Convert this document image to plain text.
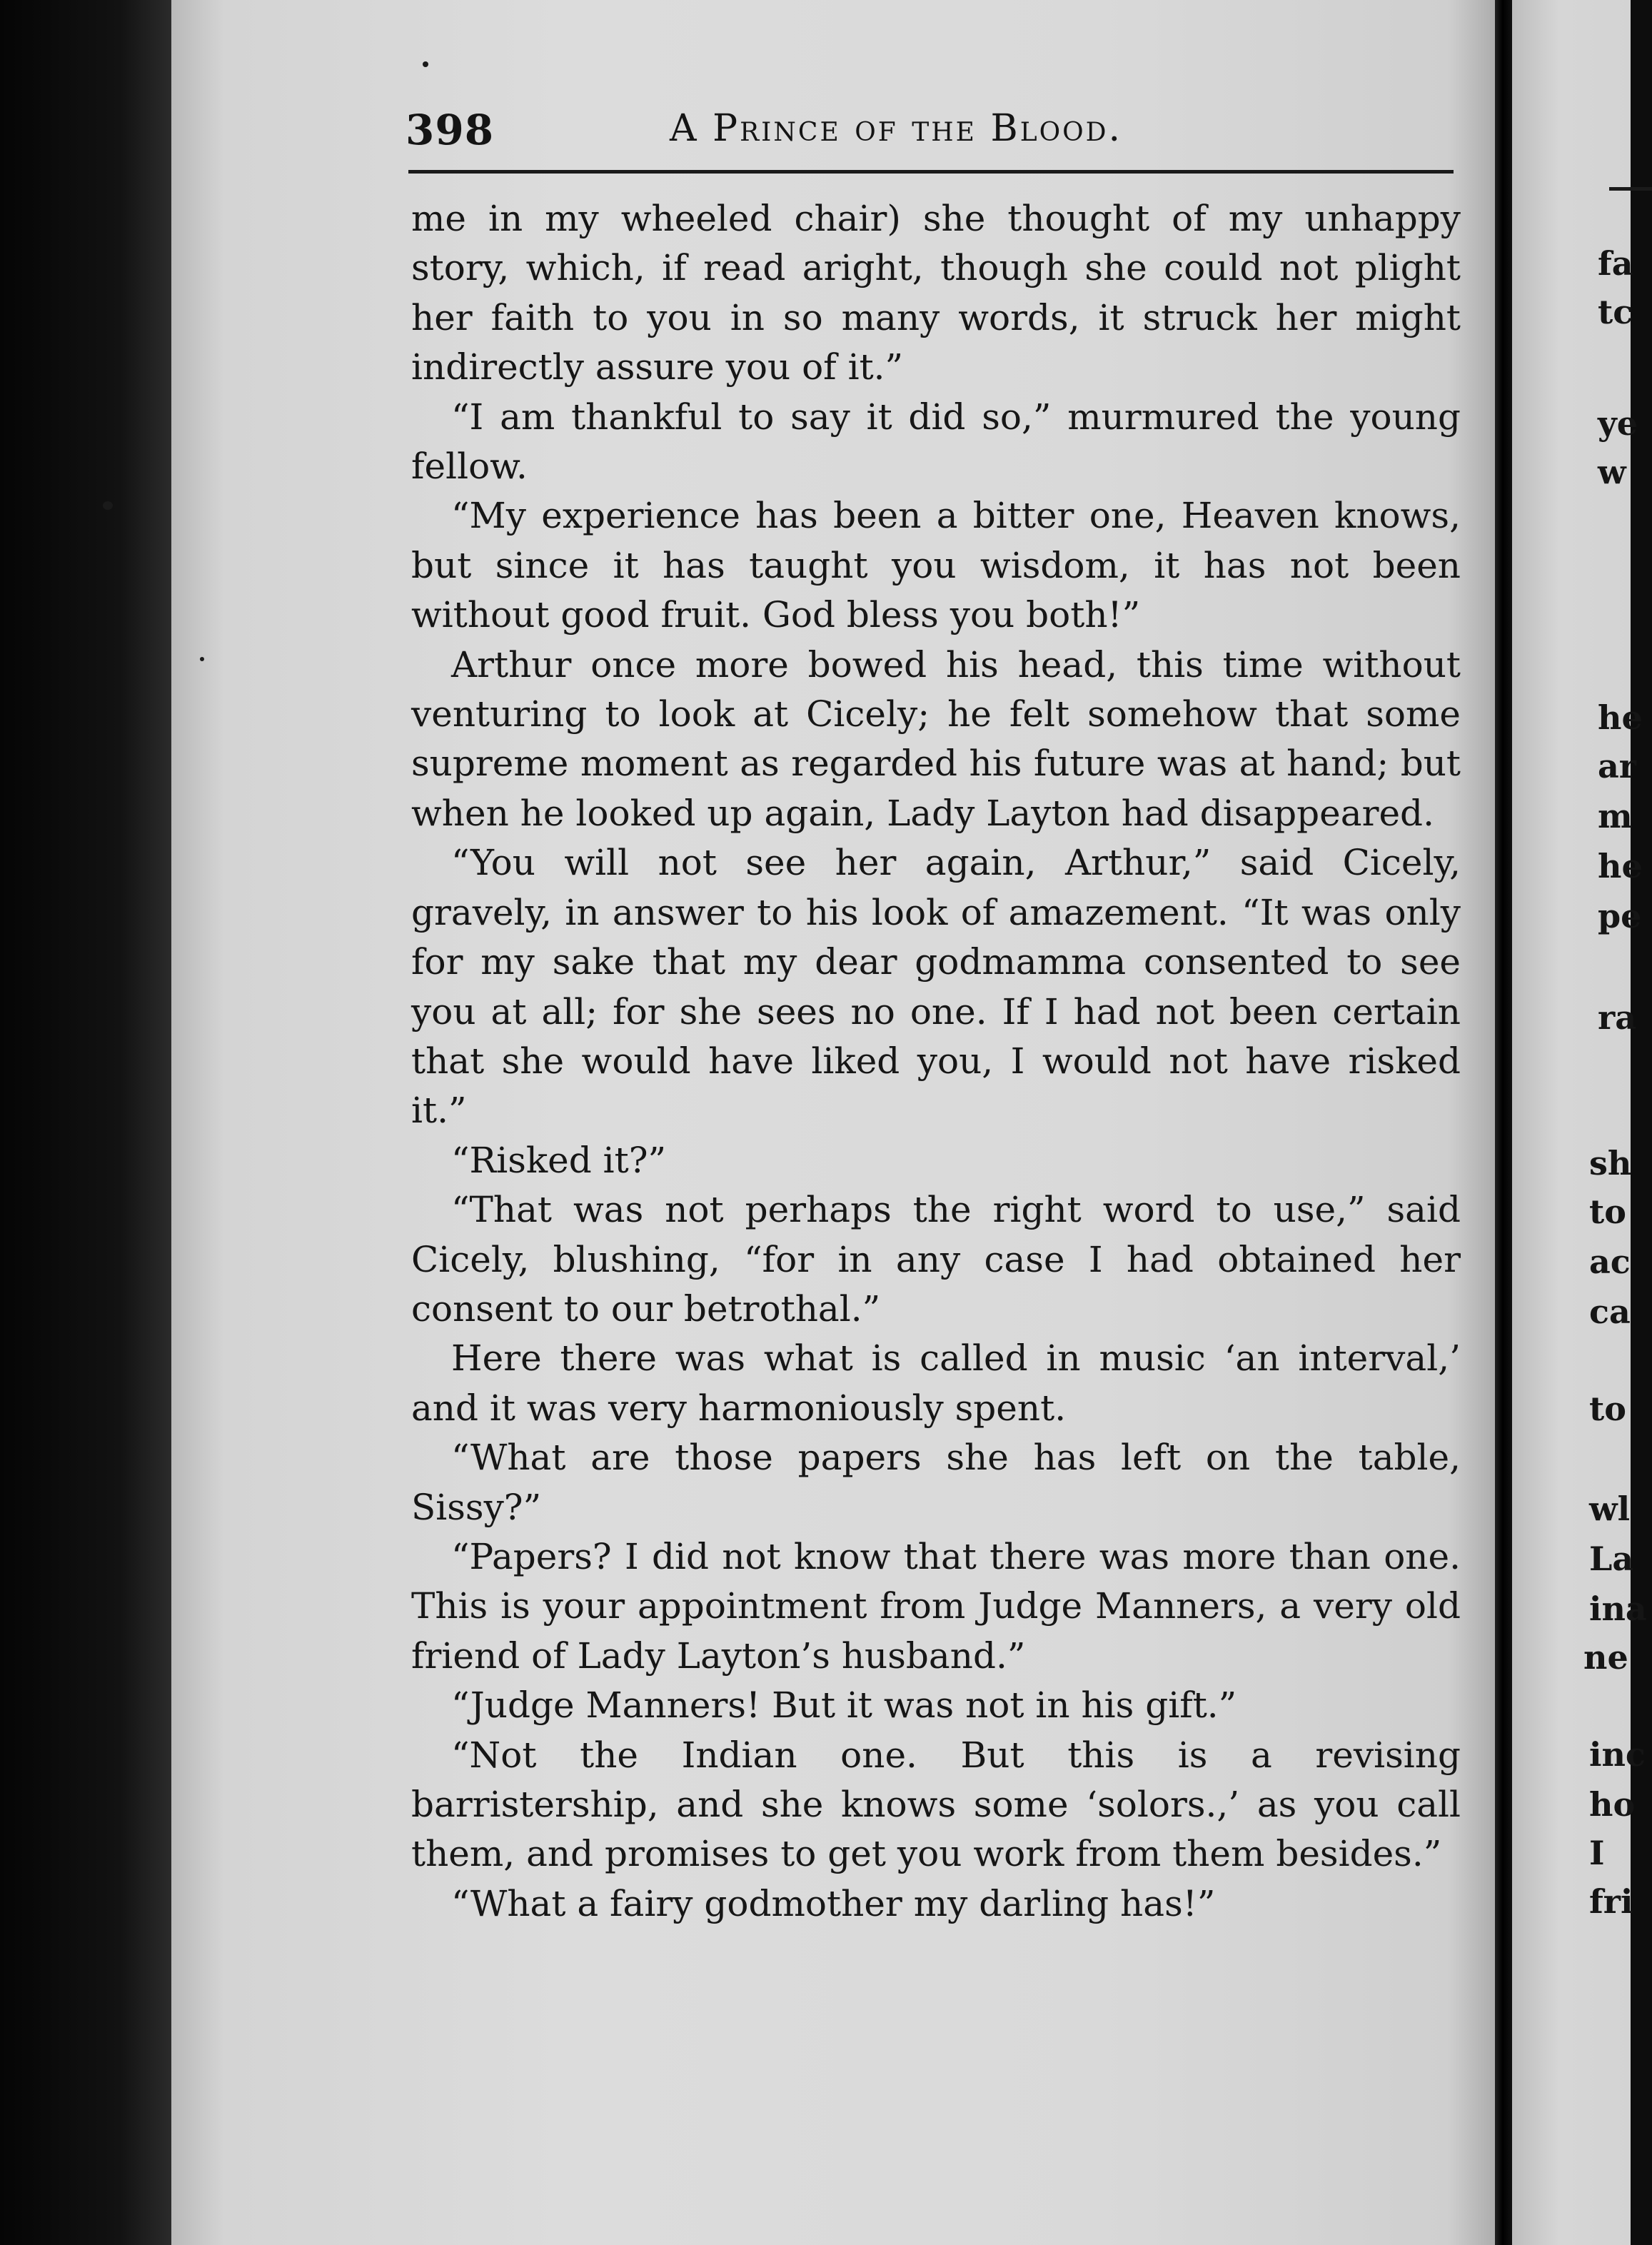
398	A Prince of the Blood.

me in my wheeled chair) she thought of my unhappy story, which, if read aright, though she could not plight her faith to you in so many words, it struck her might indirectly assure you of it.”

“I am thankful to say it did so,” murmured the young fellow.

“My experience has been a bitter one, Heaven knows, but since it has taught you wisdom, it has not been without good fruit. God bless you both!”

Arthur once more bowed his head, this time without venturing to look at Cicely; he felt somehow that some supreme moment as regarded his future was at hand; but when he looked up again, Lady Layton had disappeared.

“You will not see her again, Arthur,” said Cicely, gravely, in answer to his look of amazement. “It was only for my sake that my dear godmamma consented to see you at all; for she sees no one. If I had not been certain that she would have liked you, I would not have risked it.”

“Risked it?”

“That was not perhaps the right word to use,” said Cicely, blushing, “for in any case I had obtained her consent to our betrothal.”

Here there was what is called in music ‘an interval,’ and it was very harmoniously spent.

“What are those papers she has left on the table, Sissy?”

“Papers? I did not know that there was more than one. This is your appointment from Judge Manners, a very old friend of Lady Layton’s husband.”

“Judge Manners! But it was not in his gift.”

“Not the Indian one. But this is a revising barristership, and she knows some ‘solors.,’ as you call them, and promises to get you work from them besides.”

“What a fairy godmother my darling has!”

fa
tc
ye
w
he
ar
m
he
pe
ra
sh
to
ac
ca
to
wl
La
ina
ne
inc
ho
I
fri
